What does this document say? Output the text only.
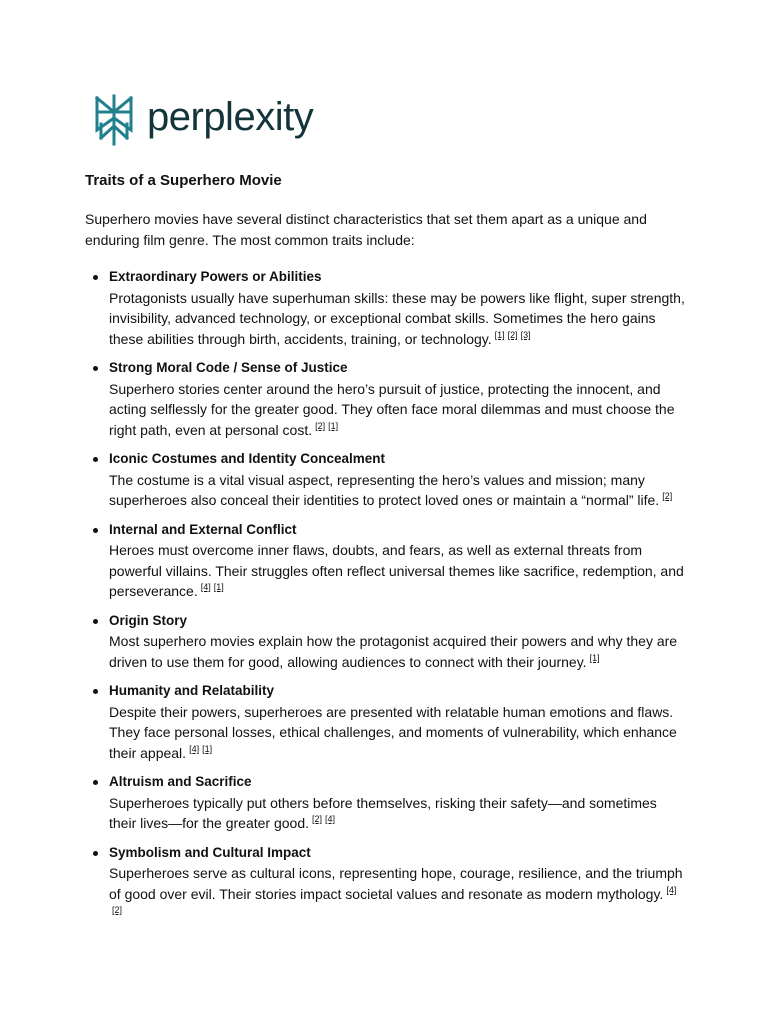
perplexity
Traits of a Superhero Movie

Superhero movies have several distinct characteristics that set them apart as a unique and enduring film genre. The most common traits include:

Extraordinary Powers or Abilities
Protagonists usually have superhuman skills: these may be powers like flight, super strength, invisibility, advanced technology, or exceptional combat skills. Sometimes the hero gains these abilities through birth, accidents, training, or technology. [1] [2] [3]
Strong Moral Code / Sense of Justice
Superhero stories center around the hero’s pursuit of justice, protecting the innocent, and acting selflessly for the greater good. They often face moral dilemmas and must choose the right path, even at personal cost. [2] [1]
Iconic Costumes and Identity Concealment
The costume is a vital visual aspect, representing the hero’s values and mission; many superheroes also conceal their identities to protect loved ones or maintain a “normal” life. [2]
Internal and External Conflict
Heroes must overcome inner flaws, doubts, and fears, as well as external threats from powerful villains. Their struggles often reflect universal themes like sacrifice, redemption, and perseverance. [4] [1]
Origin Story
Most superhero movies explain how the protagonist acquired their powers and why they are driven to use them for good, allowing audiences to connect with their journey. [1]
Humanity and Relatability
Despite their powers, superheroes are presented with relatable human emotions and flaws. They face personal losses, ethical challenges, and moments of vulnerability, which enhance their appeal. [4] [1]
Altruism and Sacrifice
Superheroes typically put others before themselves, risking their safety—and sometimes their lives—for the greater good. [2] [4]
Symbolism and Cultural Impact
Superheroes serve as cultural icons, representing hope, courage, resilience, and the triumph of good over evil. Their stories impact societal values and resonate as modern mythology. [4][2]
